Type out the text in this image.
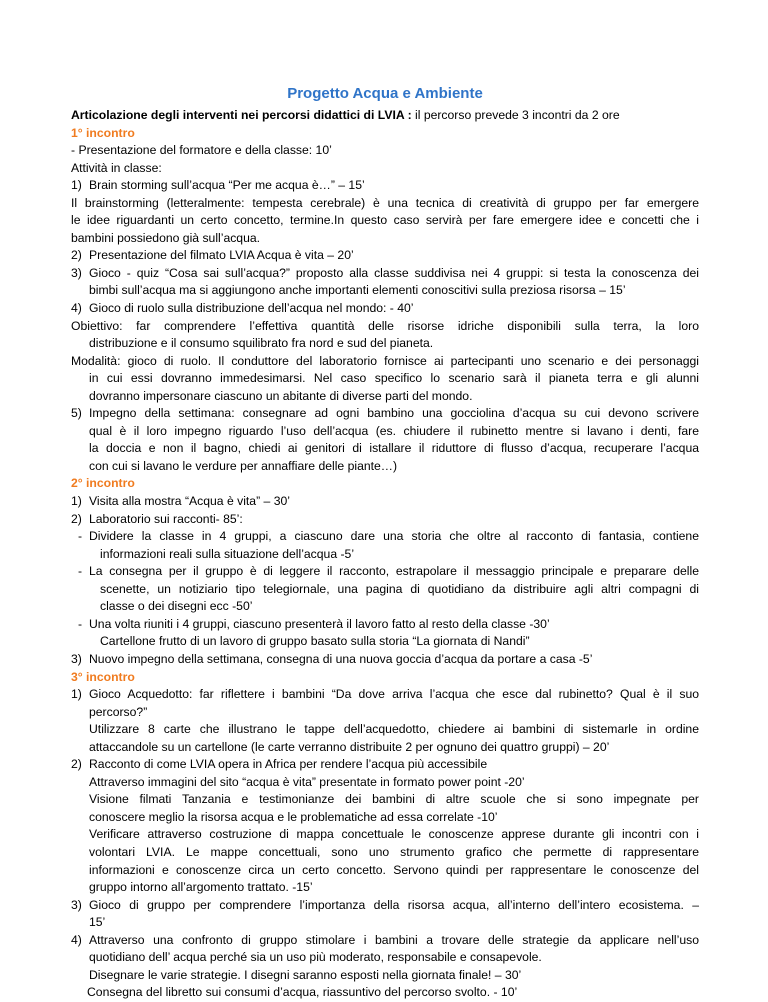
Progetto Acqua e Ambiente

Articolazione degli interventi nei percorsi didattici di LVIA : il percorso prevede 3 incontri da 2 ore

1° incontro

- Presentazione del formatore e della classe: 10’

Attività in classe:

1) Brain storming sull’acqua “Per me acqua è…” – 15’

Il brainstorming (letteralmente: tempesta cerebrale) è una tecnica di creatività di gruppo per far emergere

le idee riguardanti un certo concetto, termine.In questo caso servirà per fare emergere idee e concetti che i

bambini possiedono già sull’acqua.

2) Presentazione del filmato LVIA Acqua è vita – 20’
3) Gioco - quiz “Cosa sai sull’acqua?” proposto alla classe suddivisa nei 4 gruppi: si testa la conoscenza dei

bimbi sull’acqua ma si aggiungono anche importanti elementi conoscitivi sulla preziosa risorsa – 15’

4) Gioco di ruolo sulla distribuzione dell’acqua nel mondo: - 40’

Obiettivo: far comprendere l’effettiva quantità delle risorse idriche disponibili sulla terra, la loro

distribuzione e il consumo squilibrato fra nord e sud del pianeta.

Modalità: gioco di ruolo. Il conduttore del laboratorio fornisce ai partecipanti uno scenario e dei personaggi

in cui essi dovranno immedesimarsi. Nel caso specifico lo scenario sarà il pianeta terra e gli alunni

dovranno impersonare ciascuno un abitante di diverse parti del mondo.

5) Impegno della settimana: consegnare ad ogni bambino una gocciolina d’acqua su cui devono scrivere

qual è il loro impegno riguardo l’uso dell’acqua (es. chiudere il rubinetto mentre si lavano i denti, fare

la doccia e non il bagno, chiedi ai genitori di istallare il riduttore di flusso d’acqua, recuperare l’acqua

con cui si lavano le verdure per annaffiare delle piante…)

2° incontro

1) Visita alla mostra “Acqua è vita” – 30’
2) Laboratorio sui racconti- 85’:
- Dividere la classe in 4 gruppi, a ciascuno dare una storia che oltre al racconto di fantasia, contiene

informazioni reali sulla situazione dell’acqua -5’

- La consegna per il gruppo è di leggere il racconto, estrapolare il messaggio principale e preparare delle

scenette, un notiziario tipo telegiornale, una pagina di quotidiano da distribuire agli altri compagni di

classe o dei disegni ecc -50’

- Una volta riuniti i 4 gruppi, ciascuno presenterà il lavoro fatto al resto della classe -30’

Cartellone frutto di un lavoro di gruppo basato sulla storia “La giornata di Nandi”

3) Nuovo impegno della settimana, consegna di una nuova goccia d’acqua da portare a casa -5’

3° incontro

1) Gioco Acquedotto: far riflettere i bambini “Da dove arriva l’acqua che esce dal rubinetto? Qual è il suo

percorso?”

Utilizzare 8 carte che illustrano le tappe dell’acquedotto, chiedere ai bambini di sistemarle in ordine

attaccandole su un cartellone (le carte verranno distribuite 2 per ognuno dei quattro gruppi) – 20’

2) Racconto di come LVIA opera in Africa per rendere l’acqua più accessibile

Attraverso immagini del sito “acqua è vita” presentate in formato power point -20’

Visione filmati Tanzania e testimonianze dei bambini di altre scuole che si sono impegnate per

conoscere meglio la risorsa acqua e le problematiche ad essa correlate -10’

Verificare attraverso costruzione di mappa concettuale le conoscenze apprese durante gli incontri con i

volontari LVIA. Le mappe concettuali, sono uno strumento grafico che permette di rappresentare

informazioni e conoscenze circa un certo concetto. Servono quindi per rappresentare le conoscenze del

gruppo intorno all’argomento trattato. -15’

3) Gioco di gruppo per comprendere l’importanza della risorsa acqua, all’interno dell’intero ecosistema. –

15’

4) Attraverso una confronto di gruppo stimolare i bambini a trovare delle strategie da applicare nell’uso

quotidiano dell’ acqua perché sia un uso più moderato, responsabile e consapevole.

Disegnare le varie strategie. I disegni saranno esposti nella giornata finale! – 30’

Consegna del libretto sui consumi d’acqua, riassuntivo del percorso svolto. - 10’
